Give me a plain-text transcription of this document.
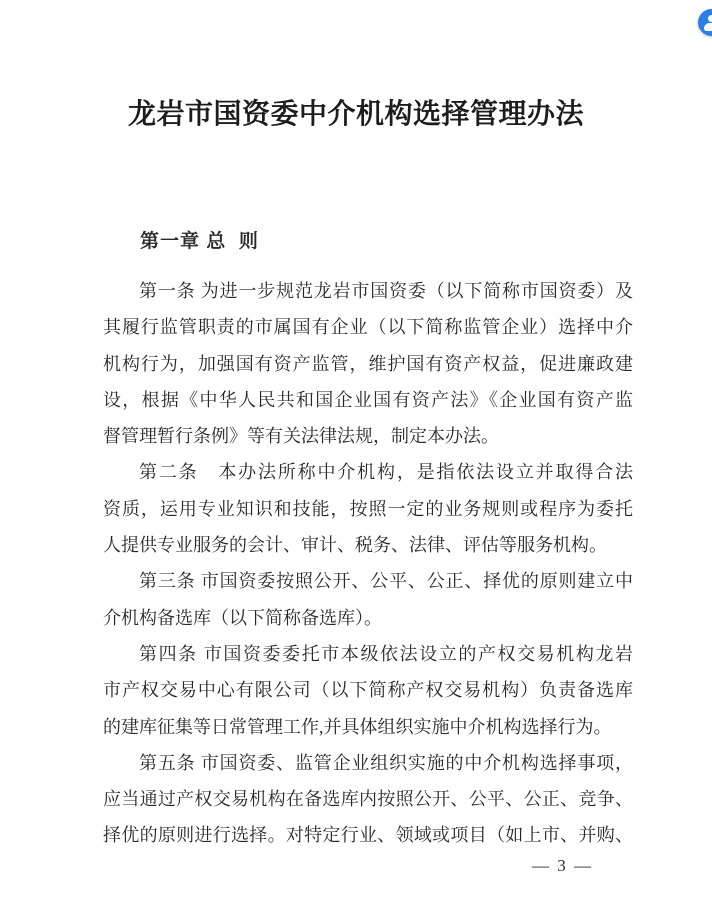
龙岩市国资委中介机构选择管理办法
第一章 总  则
第一条 为进一步规范龙岩市国资委（以下简称市国资委）及
其履行监管职责的市属国有企业（以下简称监管企业）选择中介
机构行为，加强国有资产监管，维护国有资产权益，促进廉政建
设，根据《中华人民共和国企业国有资产法》《企业国有资产监
督管理暂行条例》等有关法律法规，制定本办法。
第二条　本办法所称中介机构，是指依法设立并取得合法
资质，运用专业知识和技能，按照一定的业务规则或程序为委托
人提供专业服务的会计、审计、税务、法律、评估等服务机构。
第三条 市国资委按照公开、公平、公正、择优的原则建立中
介机构备选库（以下简称备选库）。
第四条 市国资委委托市本级依法设立的产权交易机构龙岩
市产权交易中心有限公司（以下简称产权交易机构）负责备选库
的建库征集等日常管理工作,并具体组织实施中介机构选择行为。
第五条 市国资委、监管企业组织实施的中介机构选择事项，
应当通过产权交易机构在备选库内按照公开、公平、公正、竞争、
择优的原则进行选择。对特定行业、领域或项目（如上市、并购、
— 3 —
